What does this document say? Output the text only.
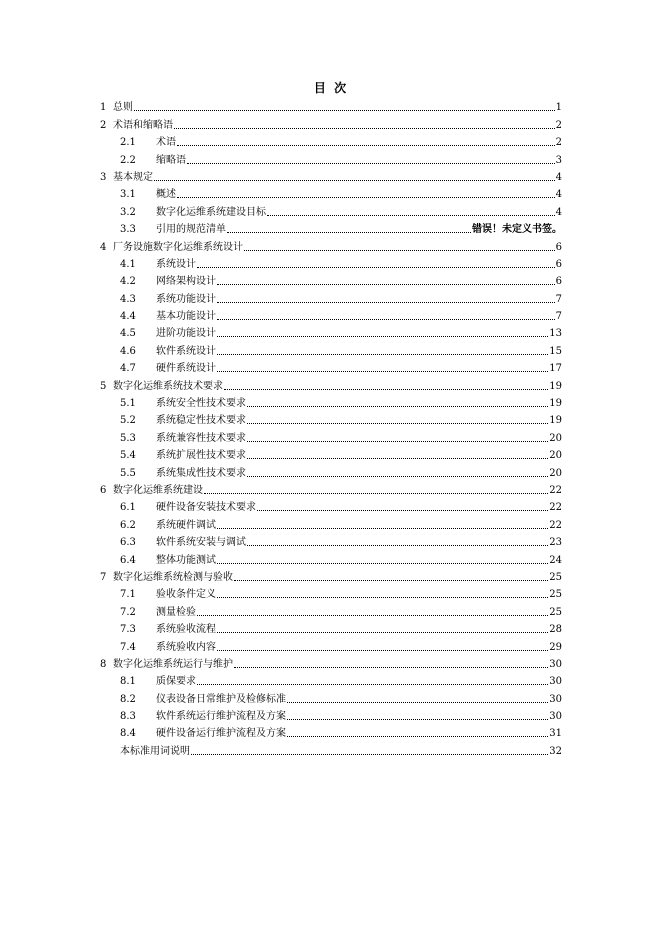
目 次
1 总则	1
2 术语和缩略语	2
2.1	术语	2
2.2	缩略语	3
3 基本规定	4
3.1	概述	4
3.2	数字化运维系统建设目标	4
3.3	引用的规范清单	错误！未定义书签。
4 厂务设施数字化运维系统设计	6
4.1	系统设计	6
4.2	网络架构设计	6
4.3	系统功能设计	7
4.4	基本功能设计	7
4.5	进阶功能设计	13
4.6	软件系统设计	15
4.7	硬件系统设计	17
5 数字化运维系统技术要求	19
5.1	系统安全性技术要求	19
5.2	系统稳定性技术要求	19
5.3	系统兼容性技术要求	20
5.4	系统扩展性技术要求	20
5.5	系统集成性技术要求	20
6 数字化运维系统建设	22
6.1	硬件设备安装技术要求	22
6.2	系统硬件调试	22
6.3	软件系统安装与调试	23
6.4	整体功能测试	24
7 数字化运维系统检测与验收	25
7.1	验收条件定义	25
7.2	测量检验	25
7.3	系统验收流程	28
7.4	系统验收内容	29
8 数字化运维系统运行与维护	30
8.1	质保要求	30
8.2	仪表设备日常维护及检修标准	30
8.3	软件系统运行维护流程及方案	30
8.4	硬件设备运行维护流程及方案	31
本标准用词说明	32
